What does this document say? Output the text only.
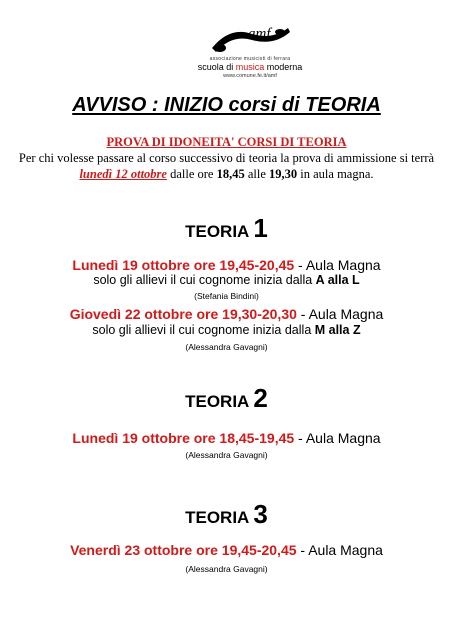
amf
associazione musicisti di ferrara
scuola di musica moderna
www.comune.fe.it/amf
AVVISO : INIZIO corsi di TEORIA
PROVA DI IDONEITA' CORSI DI TEORIA
Per chi volesse passare al corso successivo di teoria la prova di ammissione si terrà lunedì 12 ottobre dalle ore 18,45 alle 19,30 in aula magna.
TEORIA 1
Lunedì 19 ottobre ore 19,45-20,45 - Aula Magna
solo gli allievi il cui cognome inizia dalla A alla L
(Stefania Bindini)
Giovedì 22 ottobre ore 19,30-20,30 - Aula Magna
solo gli allievi il cui cognome inizia dalla M alla Z
(Alessandra Gavagni)
TEORIA 2
Lunedì 19 ottobre ore 18,45-19,45 - Aula Magna
(Alessandra Gavagni)
TEORIA 3
Venerdì 23 ottobre ore 19,45-20,45 - Aula Magna
(Alessandra Gavagni)
